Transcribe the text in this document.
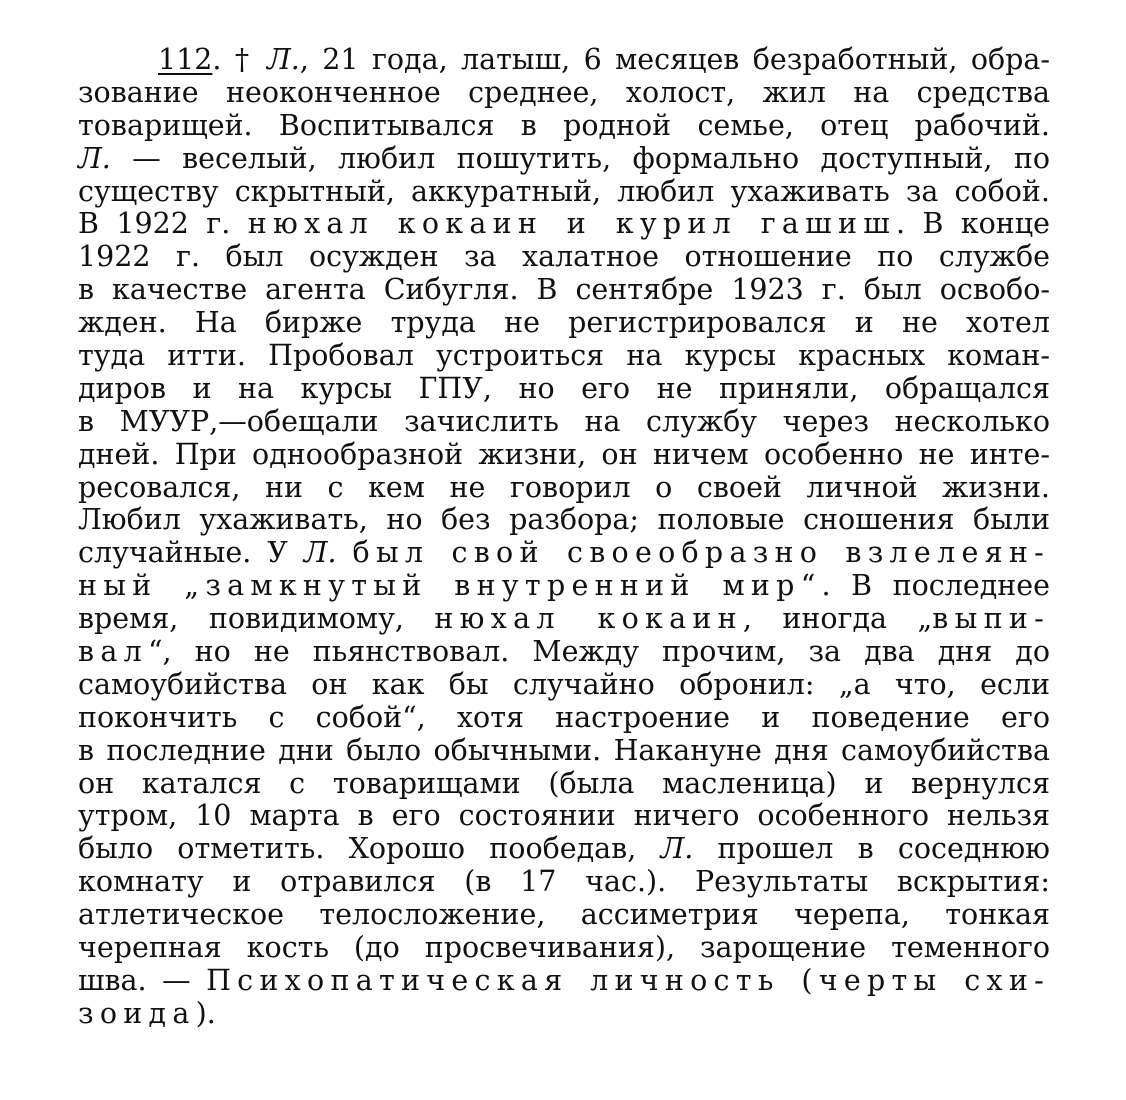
112. † Л., 21 года, латыш, 6 месяцев безработный, обра-
зование неоконченное среднее, холост, жил на средства
товарищей. Воспитывался в родной семье, отец рабочий.
Л. — веселый, любил пошутить, формально доступный, по
существу скрытный, аккуратный, любил ухаживать за собой.
В 1922 г. нюхал кокаин и курил гашиш. В конце
1922 г. был осужден за халатное отношение по службе
в качестве агента Сибугля. В сентябре 1923 г. был освобо-
жден. На бирже труда не регистрировался и не хотел
туда итти. Пробовал устроиться на курсы красных коман-
диров и на курсы ГПУ, но его не приняли, обращался
в МУУР,—обещали зачислить на службу через несколько
дней. При однообразной жизни, он ничем особенно не инте-
ресовался, ни с кем не говорил о своей личной жизни.
Любил ухаживать, но без разбора; половые сношения были
случайные. У Л. был свой своеобразно взлелеян-
ный „замкнутый внутренний мир“. В последнее
время, повидимому, нюхал кокаин, иногда „выпи-
вал“, но не пьянствовал. Между прочим, за два дня до
самоубийства он как бы случайно обронил: „а что, если
покончить с собой“, хотя настроение и поведение его
в последние дни было обычными. Накануне дня самоубийства
он катался с товарищами (была масленица) и вернулся
утром, 10 марта в его состоянии ничего особенного нельзя
было отметить. Хорошо пообедав, Л. прошел в соседнюю
комнату и отравился (в 17 час.). Результаты вскрытия:
атлетическое телосложение, ассиметрия черепа, тонкая
черепная кость (до просвечивания), зарощение теменного
шва. — Психопатическая личность (черты схи-
зоида).
